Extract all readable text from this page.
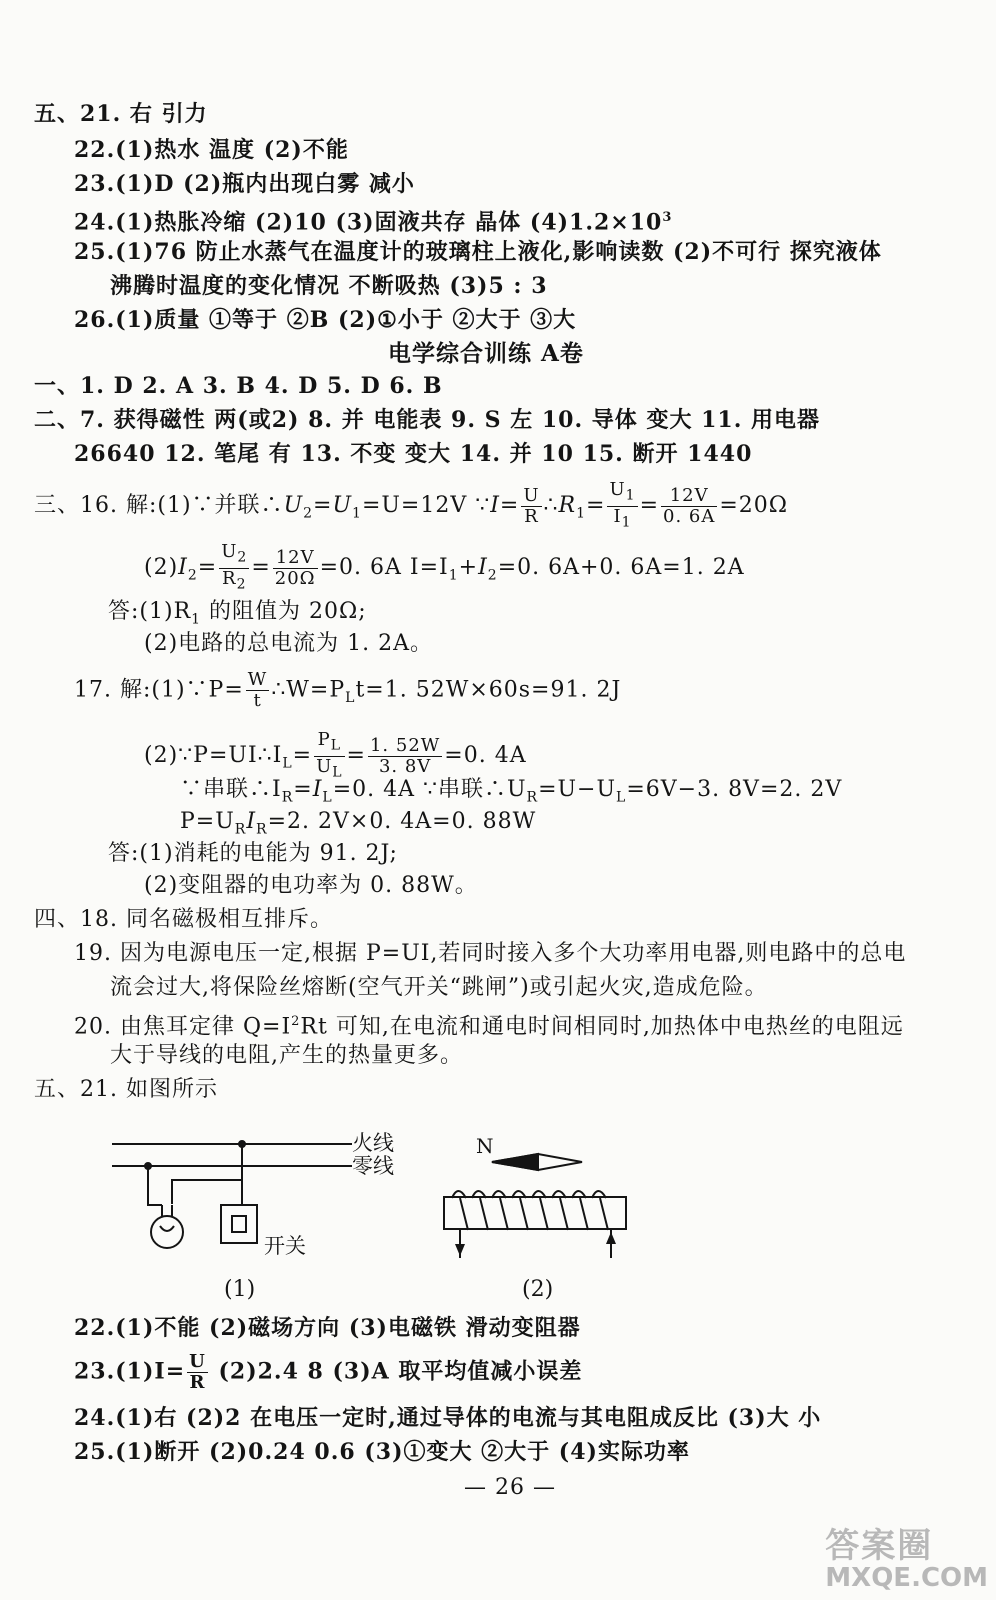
五、21. 右 引力
22.(1)热水 温度 (2)不能
23.(1)D (2)瓶内出现白雾 减小
24.(1)热胀冷缩 (2)10 (3)固液共存 晶体 $(4)1.2\times 10^3$
25.(1)76 防止水蒸气在温度计的玻璃柱上液化,影响读数 (2)不可行 探究液体
沸腾时温度的变化情况 不断吸热 (3)5 : 3
26.(1)质量 ①等于 ②B (2)①小于 ②大于 ③大
电学综合训练 A卷
一、1. D 2. A 3. B 4. D 5. D 6. B
二、7. 获得磁性 两(或2) 8. 并 电能表 9. S 左 10. 导体 变大 11. 用电器
26640 12. 笔尾 有 13. 不变 变大 14. 并 10 15. 断开 1440
三、16. 解:(1)∵并联$\therefore U_2=U_1=U=12V$ ∵I= $\frac{U}{R}$ $\therefore R_1= \frac{U_1}{I_1} = \frac{12V}{0. 6A} =20\Omega$
$(2)I_2= \frac{U_2}{R_2} = \frac{12V}{20\Omega} =0$. 6A $I=I_1+I_2=0$. 6A+0. 6A=1. 2A
答$:(1)R_1$ 的阻值为 20Ω;
(2)电路的总电流为 1. 2A。
17. 解:(1)∵P= $\frac{W}{t}$ $\therefore W=P_Lt=1$. 52W×60s=91. 2J
$(2)\because P=UI\therefore I_L= \frac{P_L}{U_L} = \frac{1. 52W}{3. 8V} =0$. 4A
∵串联$\therefore I_R=I_L=0$. 4A ∵串联$\therefore U_R=U-U_L=6V-3$. 8V=2. 2V
$P=U_RI_R=2$. 2V×0. 4A=0. 88W
答:(1)消耗的电能为 91. 2J;
(2)变阻器的电功率为 0. 88W。
四、18. 同名磁极相互排斥。
19. 因为电源电压一定,根据 P=UI,若同时接入多个大功率用电器,则电路中的总电
流会过大,将保险丝熔断(空气开关“跳闸”)或引起火灾,造成危险。
20. 由焦耳定律 $Q=I^2Rt$ 可知,在电流和通电时间相同时,加热体中电热丝的电阻远
大于导线的电阻,产生的热量更多。
五、21. 如图所示
火线
零线
开关
(1)
N
(2)
22.(1)不能 (2)磁场方向 (3)电磁铁 滑动变阻器
$23.(1)I= \frac{U}{R} (2)2.4$ 8 (3)A 取平均值减小误差
24.(1)右 (2)2 在电压一定时,通过导体的电流与其电阻成反比 (3)大 小
25.(1)断开 (2)0.24 0.6 (3)①变大 ②大于 (4)实际功率
— 26 —
答案圈
MXQE.COM
